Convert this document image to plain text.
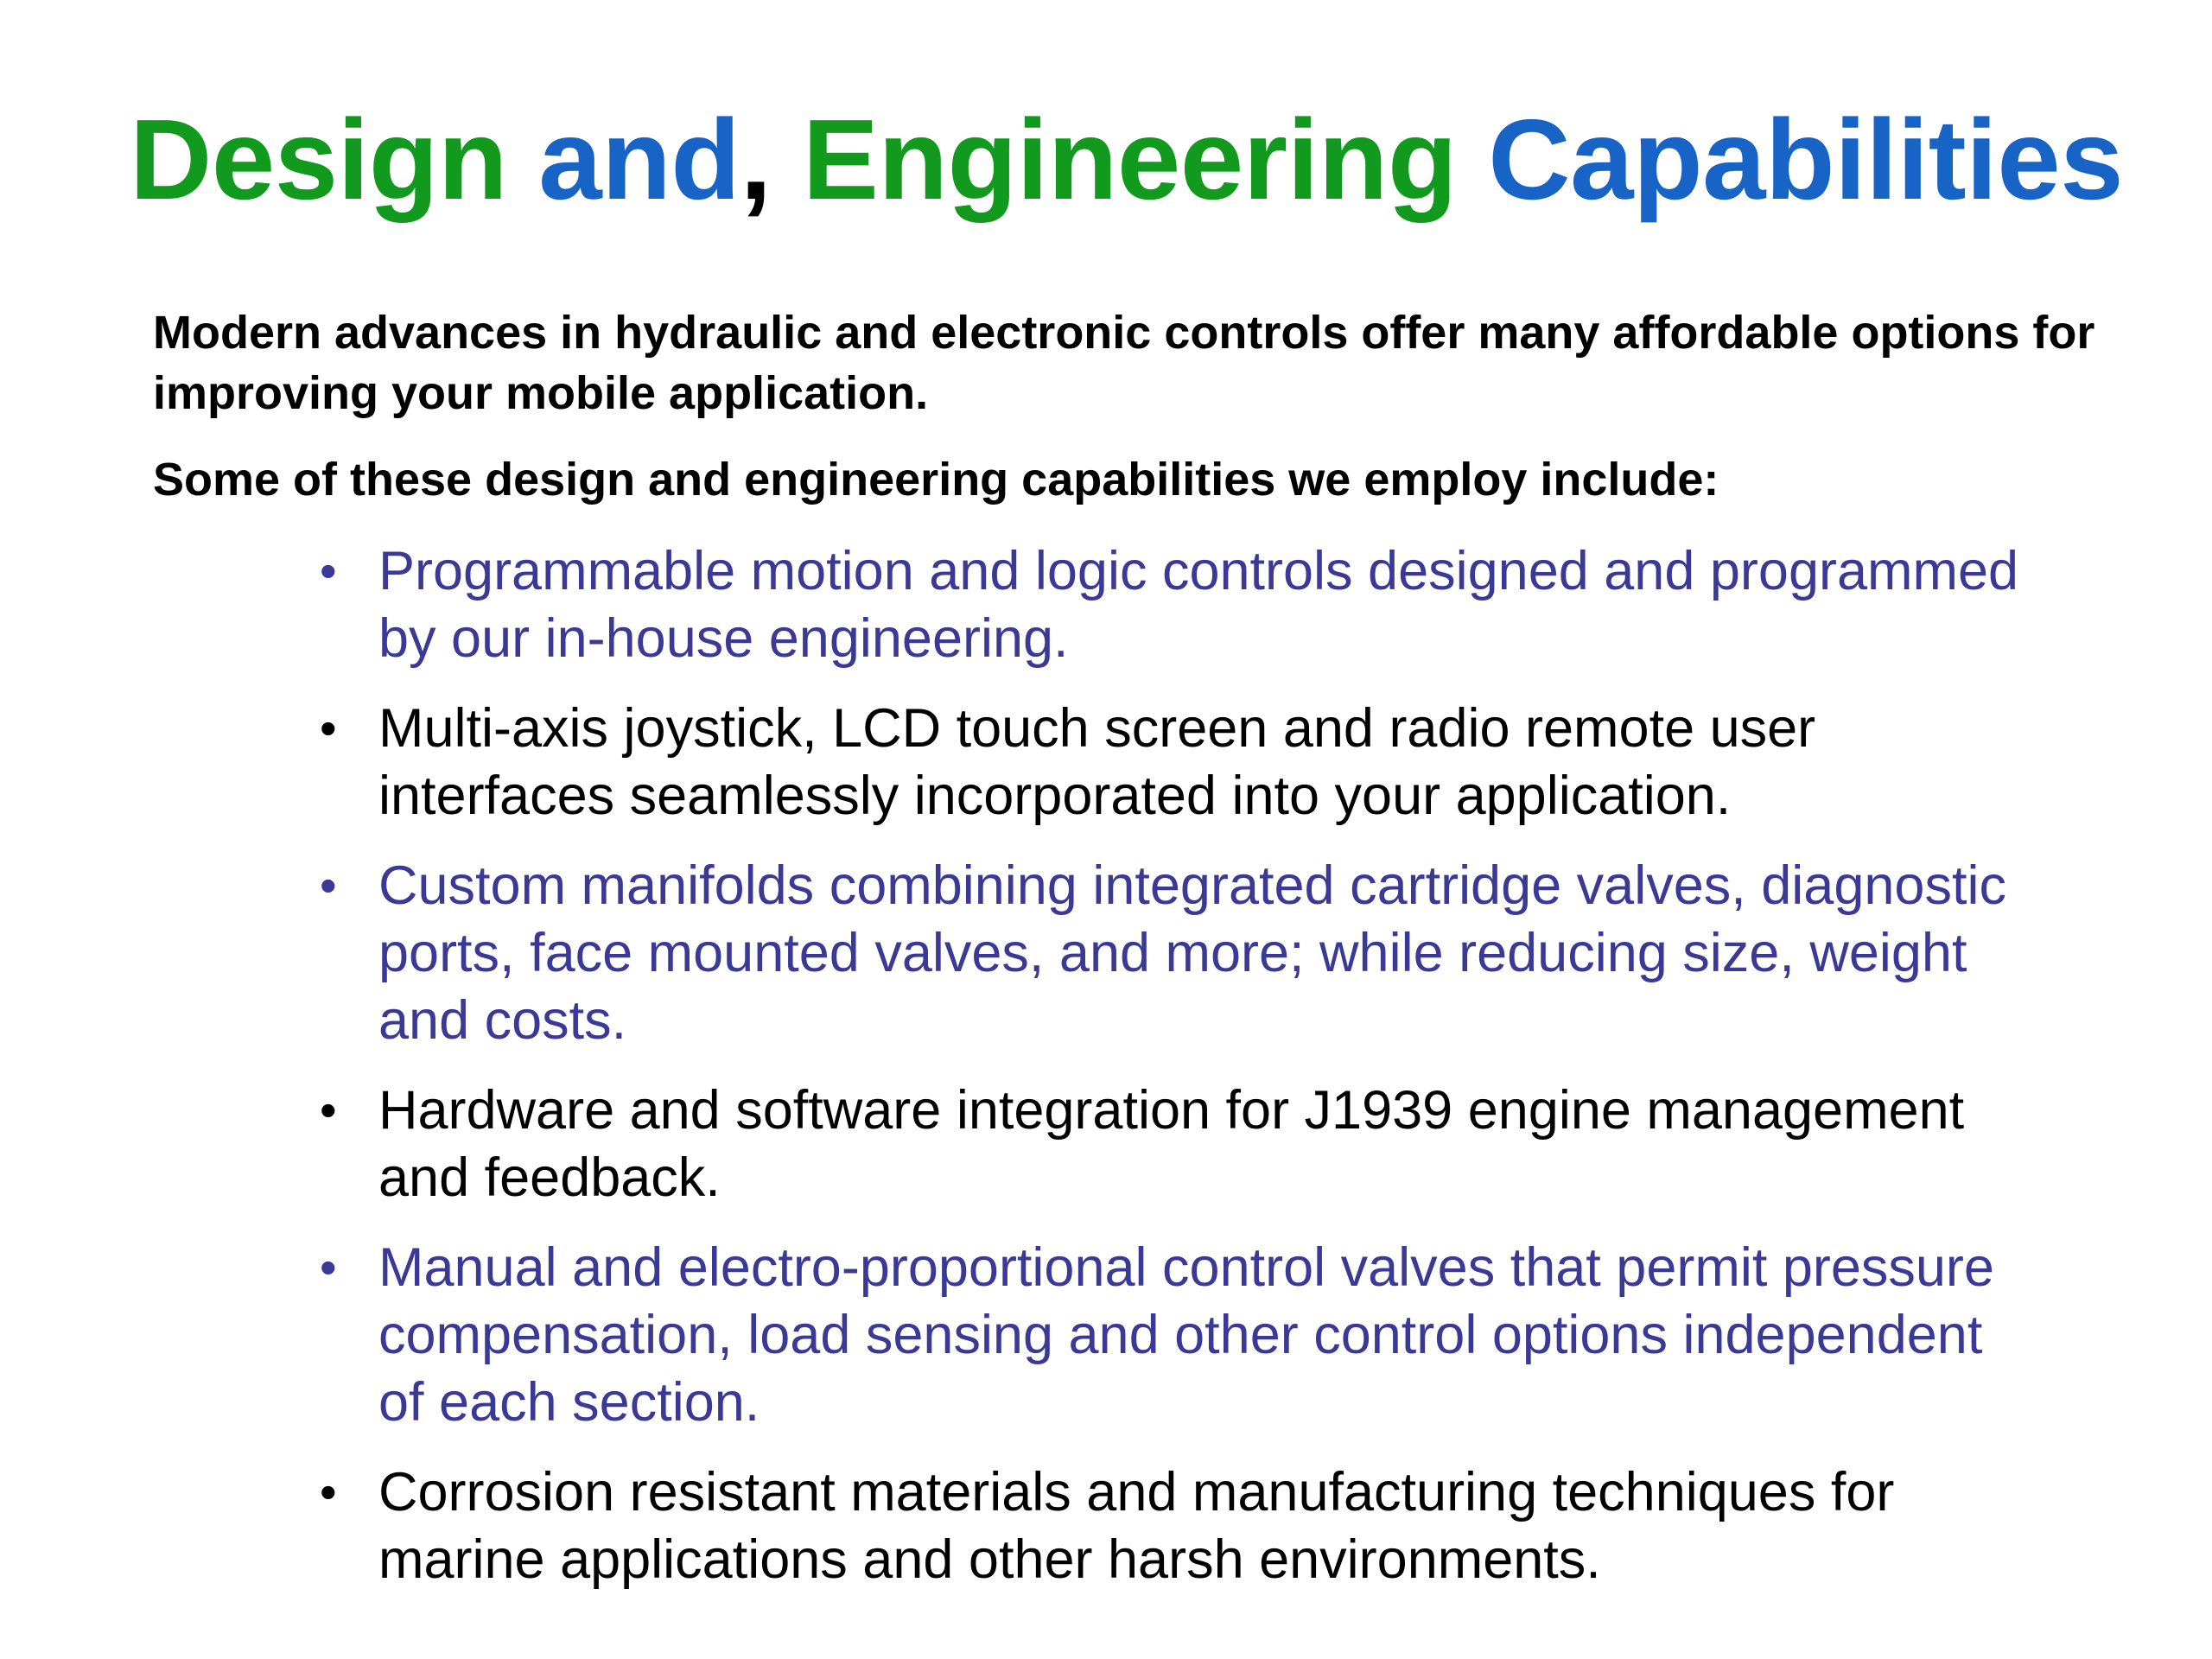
Design and, Engineering Capabilities

Modern advances in hydraulic and electronic controls offer many affordable options for improving your mobile application.

Some of these design and engineering capabilities we employ include:

• Programmable motion and logic controls designed and programmed by our in-house engineering.
• Multi-axis joystick, LCD touch screen and radio remote user interfaces seamlessly incorporated into your application.
• Custom manifolds combining integrated cartridge valves, diagnostic ports, face mounted valves, and more; while reducing size, weight and costs.
• Hardware and software integration for J1939 engine management and feedback.
• Manual and electro-proportional control valves that permit pressure compensation, load sensing and other control options independent of each section.
• Corrosion resistant materials and manufacturing techniques for marine applications and other harsh environments.
